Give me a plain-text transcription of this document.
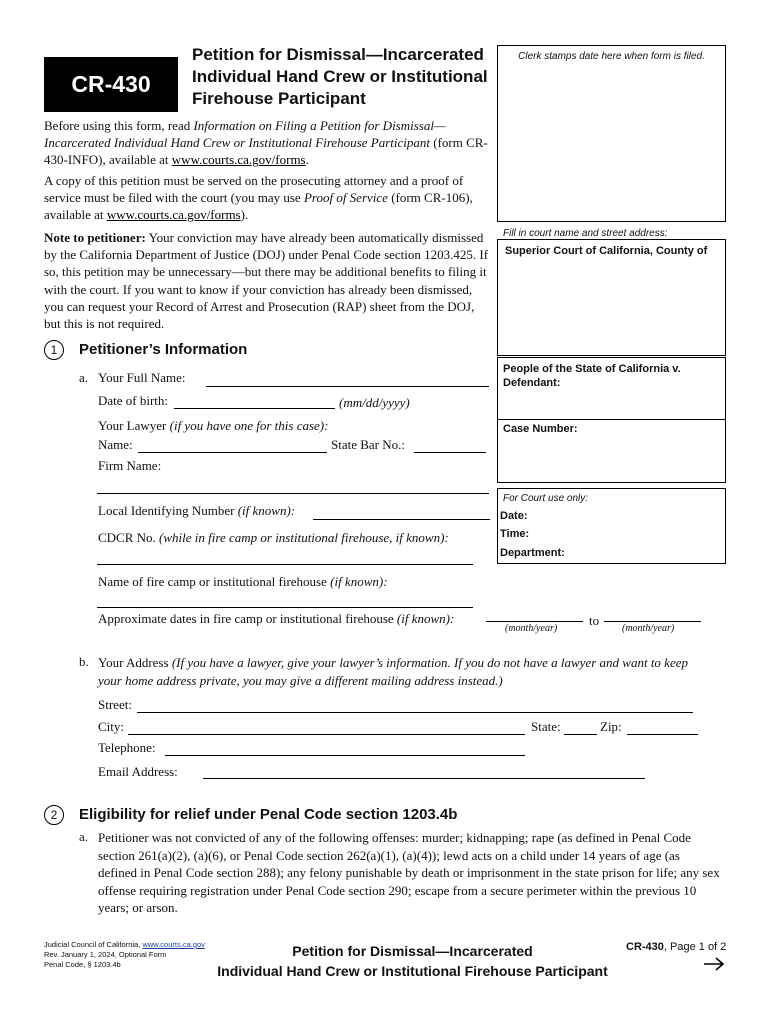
CR-430
Petition for Dismissal—Incarcerated
Individual Hand Crew or Institutional
Firehouse Participant
Clerk stamps date here when form is filed.
Fill in court name and street address:
Superior Court of California, County of
People of the State of California v. Defendant:
Case Number:
For Court use only:
Date:
Time:
Department:
Before using this form, read Information on Filing a Petition for Dismissal—Incarcerated Individual Hand Crew or Institutional Firehouse Participant (form CR-430-INFO), available at www.courts.ca.gov/forms.
A copy of this petition must be served on the prosecuting attorney and a proof of service must be filed with the court (you may use Proof of Service (form CR-106), available at www.courts.ca.gov/forms).
Note to petitioner: Your conviction may have already been automatically dismissed by the California Department of Justice (DOJ) under Penal Code section 1203.425. If so, this petition may be unnecessary—but there may be additional benefits to filing it with the court. If you want to know if your conviction has already been dismissed, you can request your Record of Arrest and Prosecution (RAP) sheet from the DOJ, but this is not required.
1	Petitioner’s Information
a. Your Full Name:
Date of birth:	(mm/dd/yyyy)
Your Lawyer (if you have one for this case):
Name:	State Bar No.:
Firm Name:
Local Identifying Number (if known):
CDCR No. (while in fire camp or institutional firehouse, if known):
Name of fire camp or institutional firehouse (if known):
Approximate dates in fire camp or institutional firehouse (if known):
(month/year)
to
(month/year)
b. Your Address (If you have a lawyer, give your lawyer’s information. If you do not have a lawyer and want to keep your home address private, you may give a different mailing address instead.)
Street:
City:	State:	Zip:
Telephone:
Email Address:
2	Eligibility for relief under Penal Code section 1203.4b
a. Petitioner was not convicted of any of the following offenses: murder; kidnapping; rape (as defined in Penal Code section 261(a)(2), (a)(6), or Penal Code section 262(a)(1), (a)(4)); lewd acts on a child under 14 years of age (as defined in Penal Code section 288); any felony punishable by death or imprisonment in the state prison for life; any sex offense requiring registration under Penal Code section 290; escape from a secure perimeter within the previous 10 years; or arson.
Judicial Council of California, www.courts.ca.gov
Rev. January 1, 2024, Optional Form
Penal Code, § 1203.4b
Petition for Dismissal—Incarcerated
Individual Hand Crew or Institutional Firehouse Participant
CR-430, Page 1 of 2
